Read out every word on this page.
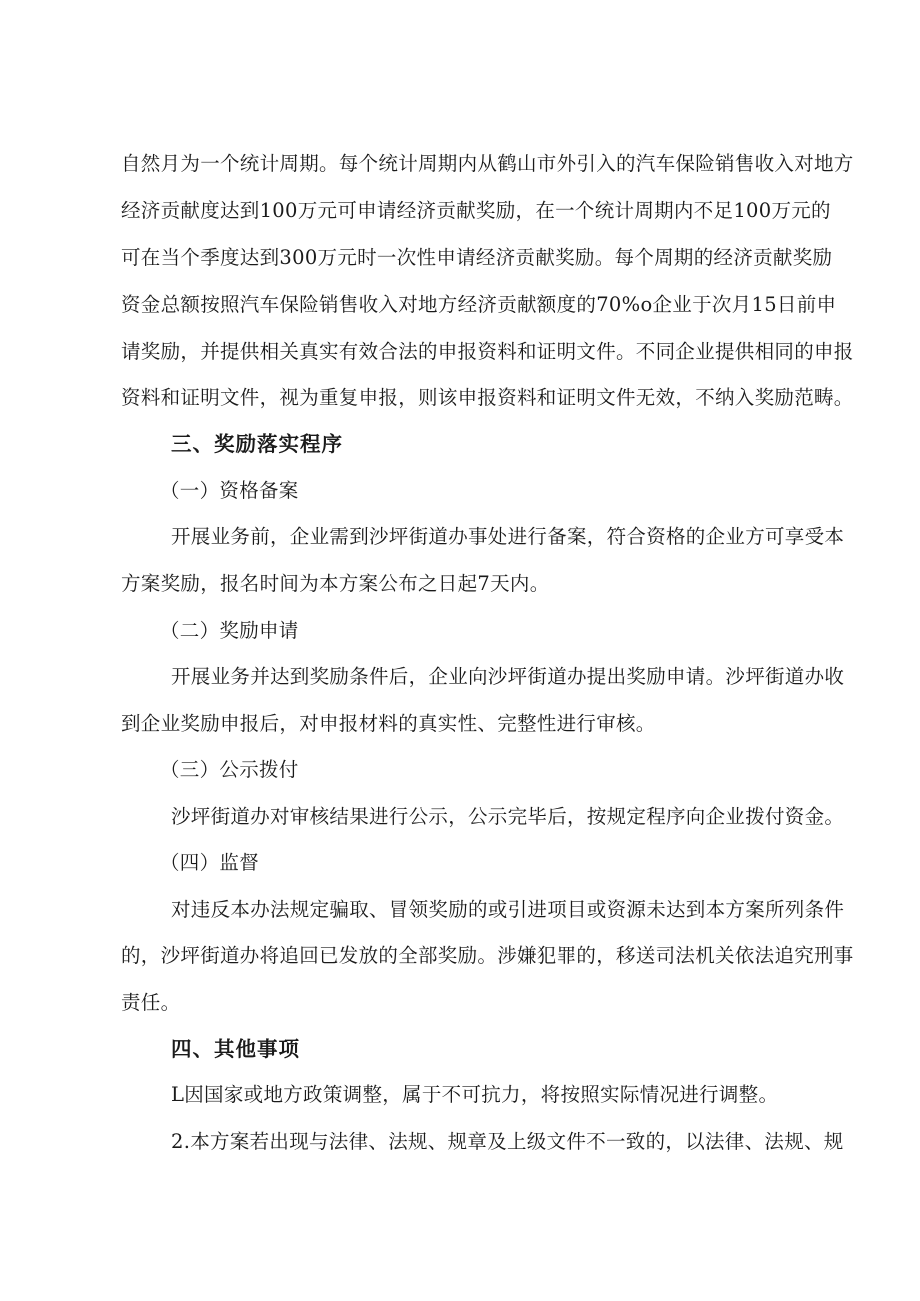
自然月为一个统计周期。每个统计周期内从鹤山市外引入的汽车保险销售收入对地方
经济贡献度达到100万元可申请经济贡献奖励，在一个统计周期内不足100万元的
可在当个季度达到300万元时一次性申请经济贡献奖励。每个周期的经济贡献奖励
资金总额按照汽车保险销售收入对地方经济贡献额度的70%o企业于次月15日前申
请奖励，并提供相关真实有效合法的申报资料和证明文件。不同企业提供相同的申报
资料和证明文件，视为重复申报，则该申报资料和证明文件无效，不纳入奖励范畴。
三、奖励落实程序
（一）资格备案
开展业务前，企业需到沙坪街道办事处进行备案，符合资格的企业方可享受本
方案奖励，报名时间为本方案公布之日起7天内。
（二）奖励申请
开展业务并达到奖励条件后，企业向沙坪街道办提出奖励申请。沙坪街道办收
到企业奖励申报后，对申报材料的真实性、完整性进行审核。
（三）公示拨付
沙坪街道办对审核结果进行公示，公示完毕后，按规定程序向企业拨付资金。
（四）监督
对违反本办法规定骗取、冒领奖励的或引进项目或资源未达到本方案所列条件
的，沙坪街道办将追回已发放的全部奖励。涉嫌犯罪的，移送司法机关依法追究刑事
责任。
四、其他事项
L因国家或地方政策调整，属于不可抗力，将按照实际情况进行调整。
2.本方案若出现与法律、法规、规章及上级文件不一致的，以法律、法规、规
